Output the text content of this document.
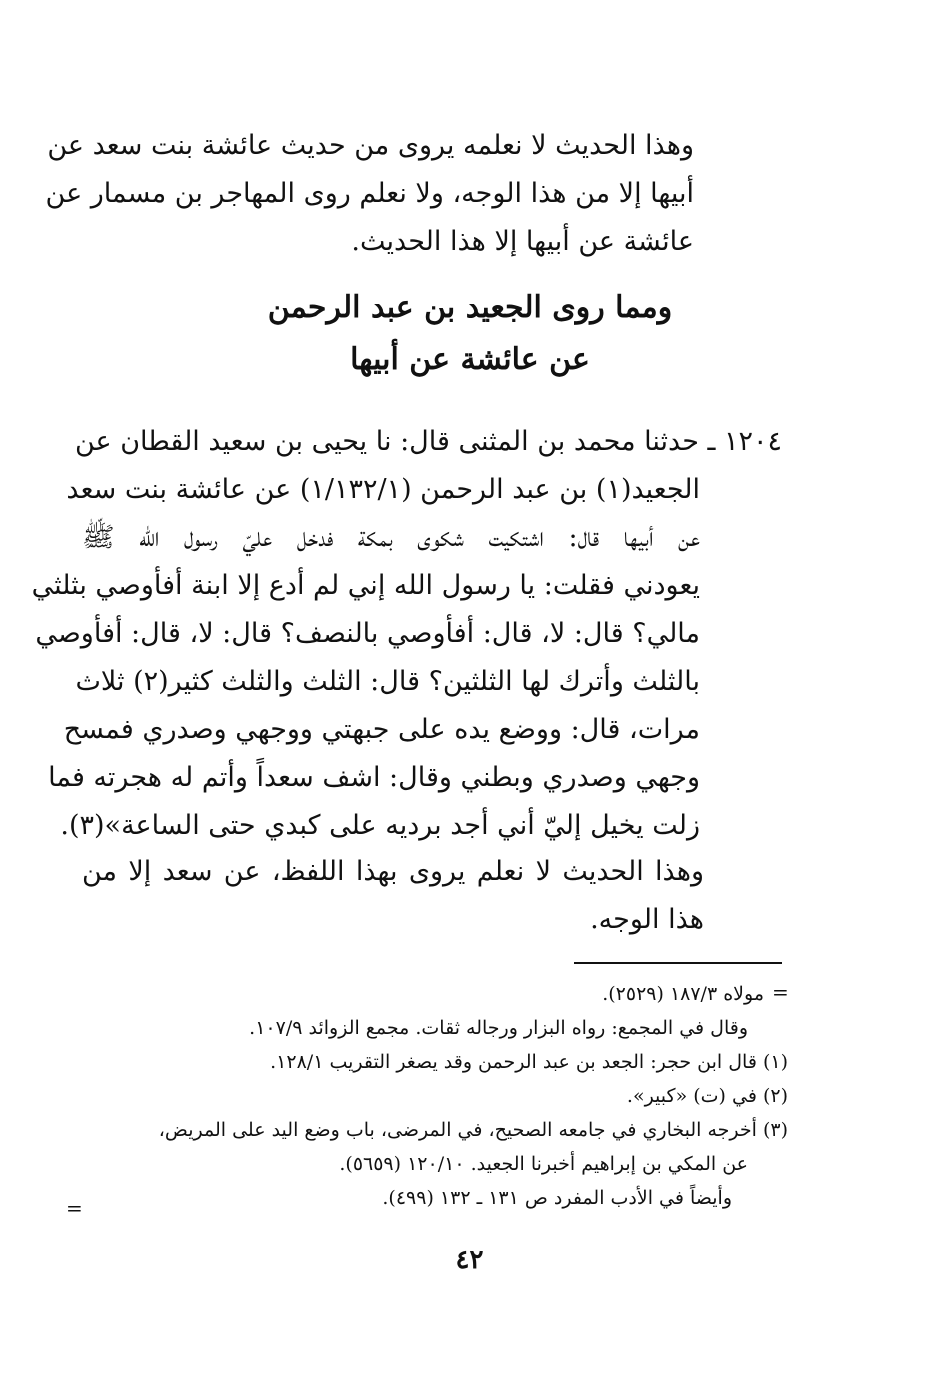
وهذا الحديث لا نعلمه يروى من حديث عائشة بنت سعد عن
أبيها إلا من هذا الوجه، ولا نعلم روى المهاجر بن مسمار عن
عائشة عن أبيها إلا هذا الحديث.
ومما روى الجعيد بن عبد الرحمن
عن عائشة عن أبيها
١٢٠٤ ـ حدثنا محمد بن المثنى قال: نا يحيى بن سعيد القطان عن
الجعيد(١) بن عبد الرحمن (١/١٣٢/١) عن عائشة بنت سعد
عن أبيها قال: اشتكيت شكوى بمكة فدخل عليّ رسول الله ﷺ
يعودني فقلت: يا رسول الله إني لم أدع إلا ابنة أفأوصي بثلثي
مالي؟ قال: لا، قال: أفأوصي بالنصف؟ قال: لا، قال: أفأوصي
بالثلث وأترك لها الثلثين؟ قال: الثلث والثلث كثير(٢) ثلاث
مرات، قال: ووضع يده على جبهتي ووجهي وصدري فمسح
وجهي وصدري وبطني وقال: اشف سعداً وأتم له هجرته فما
زلت يخيل إليّ أني أجد برديه على كبدي حتى الساعة»(٣).
وهذا الحديث لا نعلم يروى بهذا اللفظ، عن سعد إلا من
هذا الوجه.
=
مولاه ١٨٧/٣ (٢٥٢٩).
وقال في المجمع: رواه البزار ورجاله ثقات. مجمع الزوائد ١٠٧/٩.
(١) قال ابن حجر: الجعد بن عبد الرحمن وقد يصغر التقريب ١٢٨/١.
(٢) في (ت) «كبير».
(٣) أخرجه البخاري في جامعه الصحيح، في المرضى، باب وضع اليد على المريض،
عن المكي بن إبراهيم أخبرنا الجعيد. ١٢٠/١٠ (٥٦٥٩).
وأيضاً في الأدب المفرد ص ١٣١ ـ ١٣٢ (٤٩٩).
=
٤٢
